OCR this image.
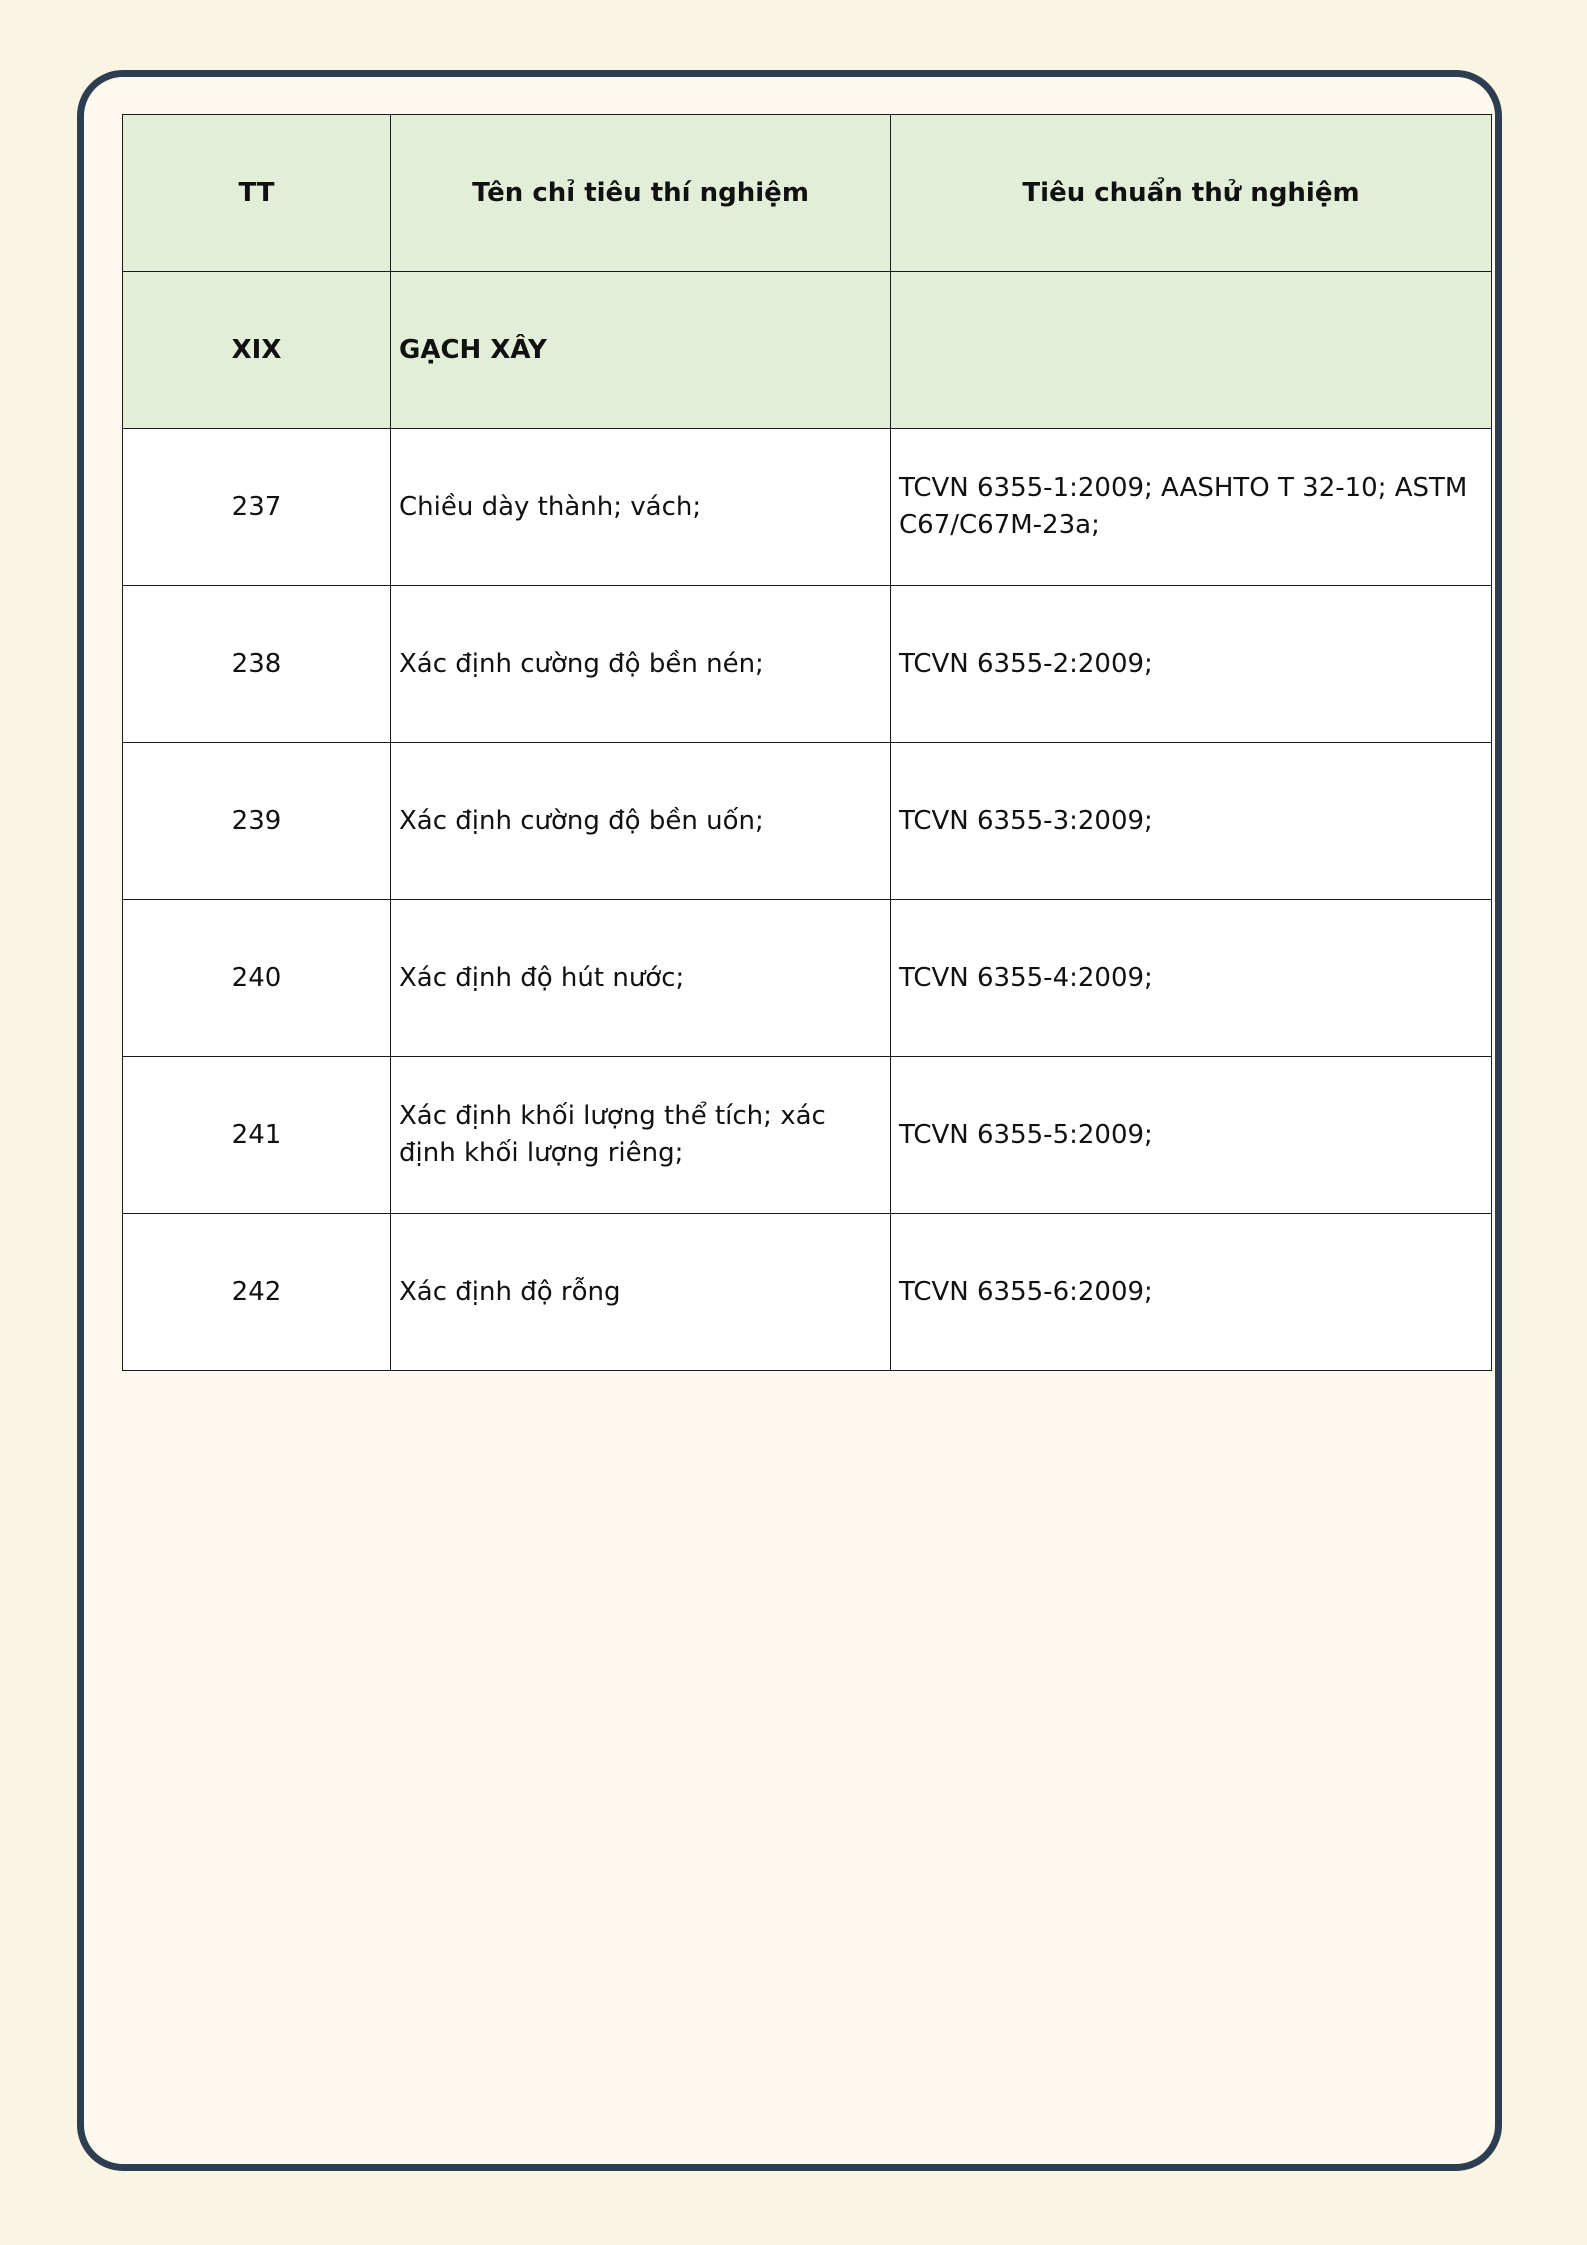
TT	Tên chỉ tiêu thí nghiệm	Tiêu chuẩn thử nghiệm
XIX	GẠCH XÂY	
237	Chiều dày thành; vách;	TCVN 6355-1:2009; AASHTO T 32-10; ASTM C67/C67M-23a;
238	Xác định cường độ bền nén;	TCVN 6355-2:2009;
239	Xác định cường độ bền uốn;	TCVN 6355-3:2009;
240	Xác định độ hút nước;	TCVN 6355-4:2009;
241	Xác định khối lượng thể tích; xác định khối lượng riêng;	TCVN 6355-5:2009;
242	Xác định độ rỗng	TCVN 6355-6:2009;
